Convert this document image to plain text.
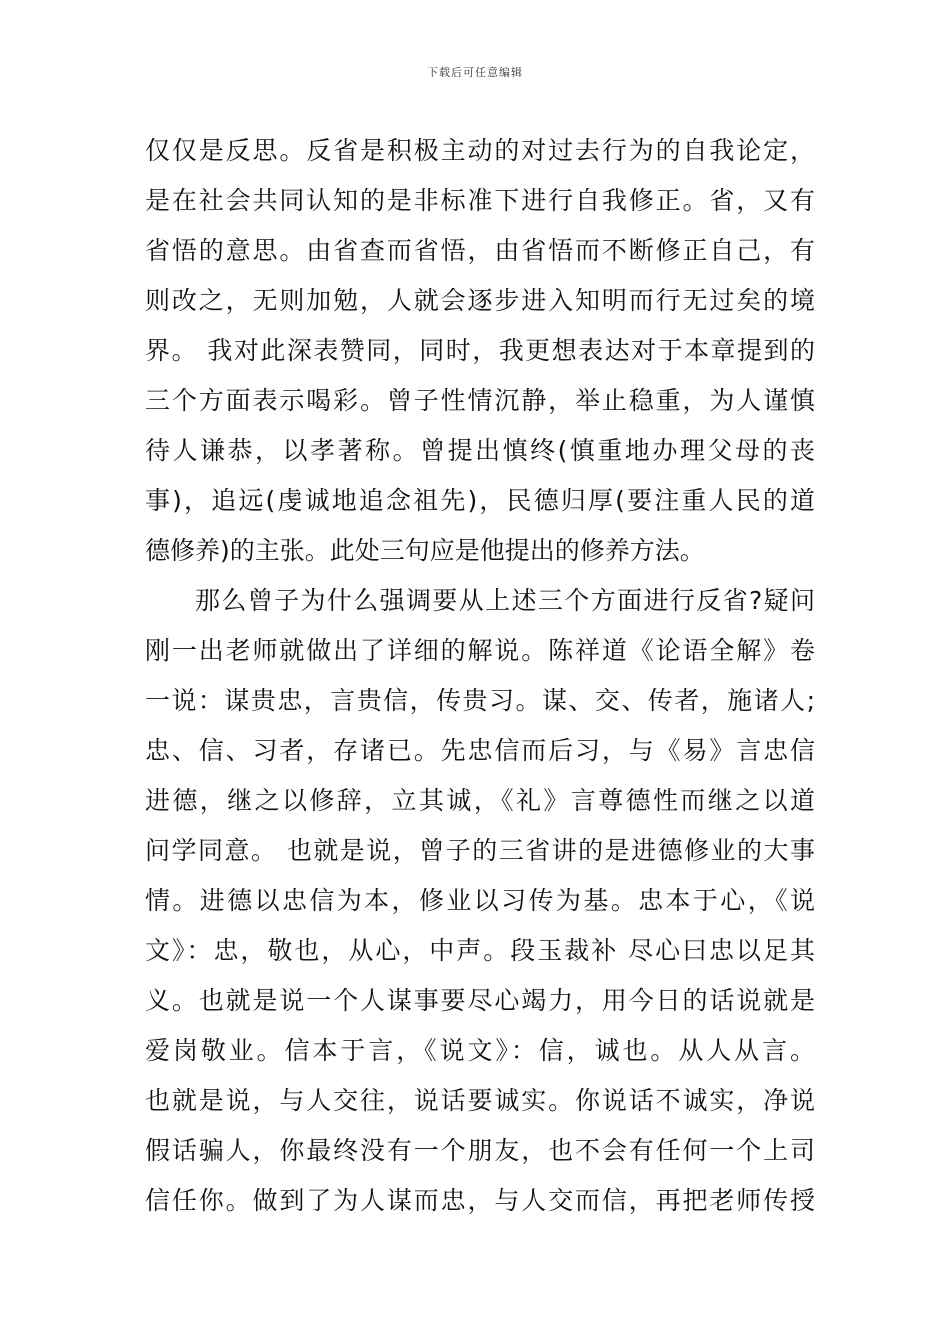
下载后可任意编辑
仅仅是反思。反省是积极主动的对过去行为的自我论定，
是在社会共同认知的是非标准下进行自我修正。省，又有
省悟的意思。由省查而省悟，由省悟而不断修正自己，有
则改之，无则加勉，人就会逐步进入知明而行无过矣的境
界。 我对此深表赞同，同时，我更想表达对于本章提到的
三个方面表示喝彩。曾子性情沉静，举止稳重，为人谨慎
待人谦恭，以孝著称。曾提出慎终(慎重地办理父母的丧
事)，追远(虔诚地追念祖先)，民德归厚(要注重人民的道
德修养)的主张。此处三句应是他提出的修养方法。
那么曾子为什么强调要从上述三个方面进行反省?疑问
刚一出老师就做出了详细的解说。陈祥道《论语全解》卷
一说：谋贵忠，言贵信，传贵习。谋、交、传者，施诸人;
忠、信、习者，存诸已。先忠信而后习，与《易》言忠信
进德，继之以修辞，立其诚，《礼》言尊德性而继之以道
问学同意。 也就是说，曾子的三省讲的是进德修业的大事
情。进德以忠信为本，修业以习传为基。忠本于心，《说
文》：忠，敬也，从心，中声。段玉裁补 尽心曰忠以足其
义。也就是说一个人谋事要尽心竭力，用今日的话说就是
爱岗敬业。信本于言，《说文》：信，诚也。从人从言。
也就是说，与人交往，说话要诚实。你说话不诚实，净说
假话骗人，你最终没有一个朋友，也不会有任何一个上司
信任你。做到了为人谋而忠，与人交而信，再把老师传授
